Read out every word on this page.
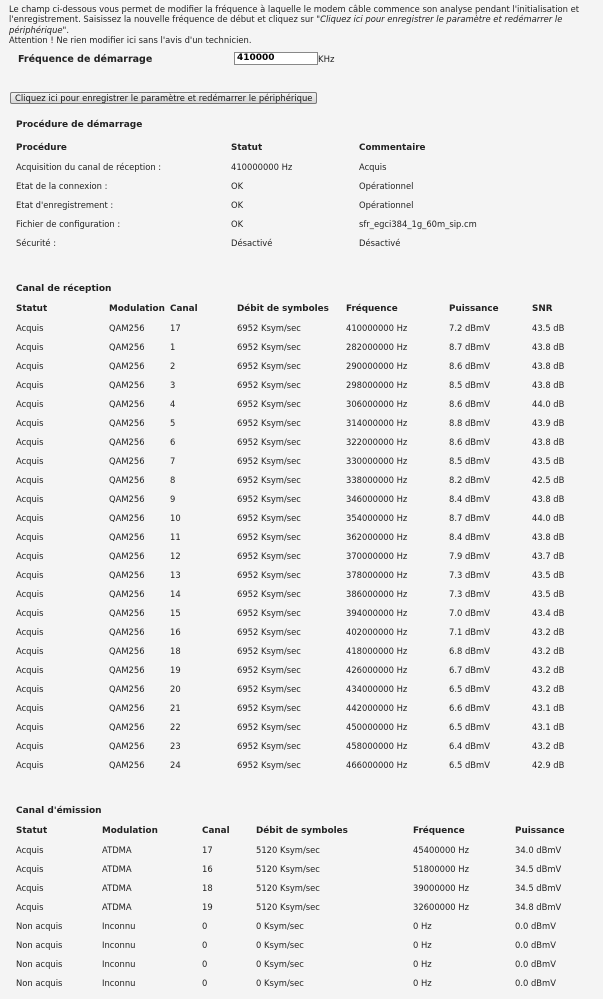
Le champ ci-dessous vous permet de modifier la fréquence à laquelle le modem câble commence son analyse pendant l'initialisation et
l'enregistrement. Saisissez la nouvelle fréquence de début et cliquez sur "Cliquez ici pour enregistrer le paramètre et redémarrer le périphérique".
Attention ! Ne rien modifier ici sans l'avis d'un technicien.
Fréquence de démarrage
410000	KHz
Cliquez ici pour enregistrer le paramètre et redémarrer le périphérique
Procédure de démarrage
Procédure	Statut	Commentaire
Acquisition du canal de réception :	410000000 Hz	Acquis
Etat de la connexion :	OK	Opérationnel
Etat d'enregistrement :	OK	Opérationnel
Fichier de configuration :	OK	sfr_egci384_1g_60m_sip.cm
Sécurité :	Désactivé	Désactivé
Canal de réception
Statut	Modulation	Canal	Débit de symboles	Fréquence	Puissance	SNR
Acquis	QAM256	17	6952 Ksym/sec	410000000 Hz	7.2 dBmV	43.5 dB
Acquis	QAM256	1	6952 Ksym/sec	282000000 Hz	8.7 dBmV	43.8 dB
Acquis	QAM256	2	6952 Ksym/sec	290000000 Hz	8.6 dBmV	43.8 dB
Acquis	QAM256	3	6952 Ksym/sec	298000000 Hz	8.5 dBmV	43.8 dB
Acquis	QAM256	4	6952 Ksym/sec	306000000 Hz	8.6 dBmV	44.0 dB
Acquis	QAM256	5	6952 Ksym/sec	314000000 Hz	8.8 dBmV	43.9 dB
Acquis	QAM256	6	6952 Ksym/sec	322000000 Hz	8.6 dBmV	43.8 dB
Acquis	QAM256	7	6952 Ksym/sec	330000000 Hz	8.5 dBmV	43.5 dB
Acquis	QAM256	8	6952 Ksym/sec	338000000 Hz	8.2 dBmV	42.5 dB
Acquis	QAM256	9	6952 Ksym/sec	346000000 Hz	8.4 dBmV	43.8 dB
Acquis	QAM256	10	6952 Ksym/sec	354000000 Hz	8.7 dBmV	44.0 dB
Acquis	QAM256	11	6952 Ksym/sec	362000000 Hz	8.4 dBmV	43.8 dB
Acquis	QAM256	12	6952 Ksym/sec	370000000 Hz	7.9 dBmV	43.7 dB
Acquis	QAM256	13	6952 Ksym/sec	378000000 Hz	7.3 dBmV	43.5 dB
Acquis	QAM256	14	6952 Ksym/sec	386000000 Hz	7.3 dBmV	43.5 dB
Acquis	QAM256	15	6952 Ksym/sec	394000000 Hz	7.0 dBmV	43.4 dB
Acquis	QAM256	16	6952 Ksym/sec	402000000 Hz	7.1 dBmV	43.2 dB
Acquis	QAM256	18	6952 Ksym/sec	418000000 Hz	6.8 dBmV	43.2 dB
Acquis	QAM256	19	6952 Ksym/sec	426000000 Hz	6.7 dBmV	43.2 dB
Acquis	QAM256	20	6952 Ksym/sec	434000000 Hz	6.5 dBmV	43.2 dB
Acquis	QAM256	21	6952 Ksym/sec	442000000 Hz	6.6 dBmV	43.1 dB
Acquis	QAM256	22	6952 Ksym/sec	450000000 Hz	6.5 dBmV	43.1 dB
Acquis	QAM256	23	6952 Ksym/sec	458000000 Hz	6.4 dBmV	43.2 dB
Acquis	QAM256	24	6952 Ksym/sec	466000000 Hz	6.5 dBmV	42.9 dB
Canal d'émission
Statut	Modulation	Canal	Débit de symboles	Fréquence	Puissance
Acquis	ATDMA	17	5120 Ksym/sec	45400000 Hz	34.0 dBmV
Acquis	ATDMA	16	5120 Ksym/sec	51800000 Hz	34.5 dBmV
Acquis	ATDMA	18	5120 Ksym/sec	39000000 Hz	34.5 dBmV
Acquis	ATDMA	19	5120 Ksym/sec	32600000 Hz	34.8 dBmV
Non acquis	Inconnu	0	0 Ksym/sec	0 Hz	0.0 dBmV
Non acquis	Inconnu	0	0 Ksym/sec	0 Hz	0.0 dBmV
Non acquis	Inconnu	0	0 Ksym/sec	0 Hz	0.0 dBmV
Non acquis	Inconnu	0	0 Ksym/sec	0 Hz	0.0 dBmV
